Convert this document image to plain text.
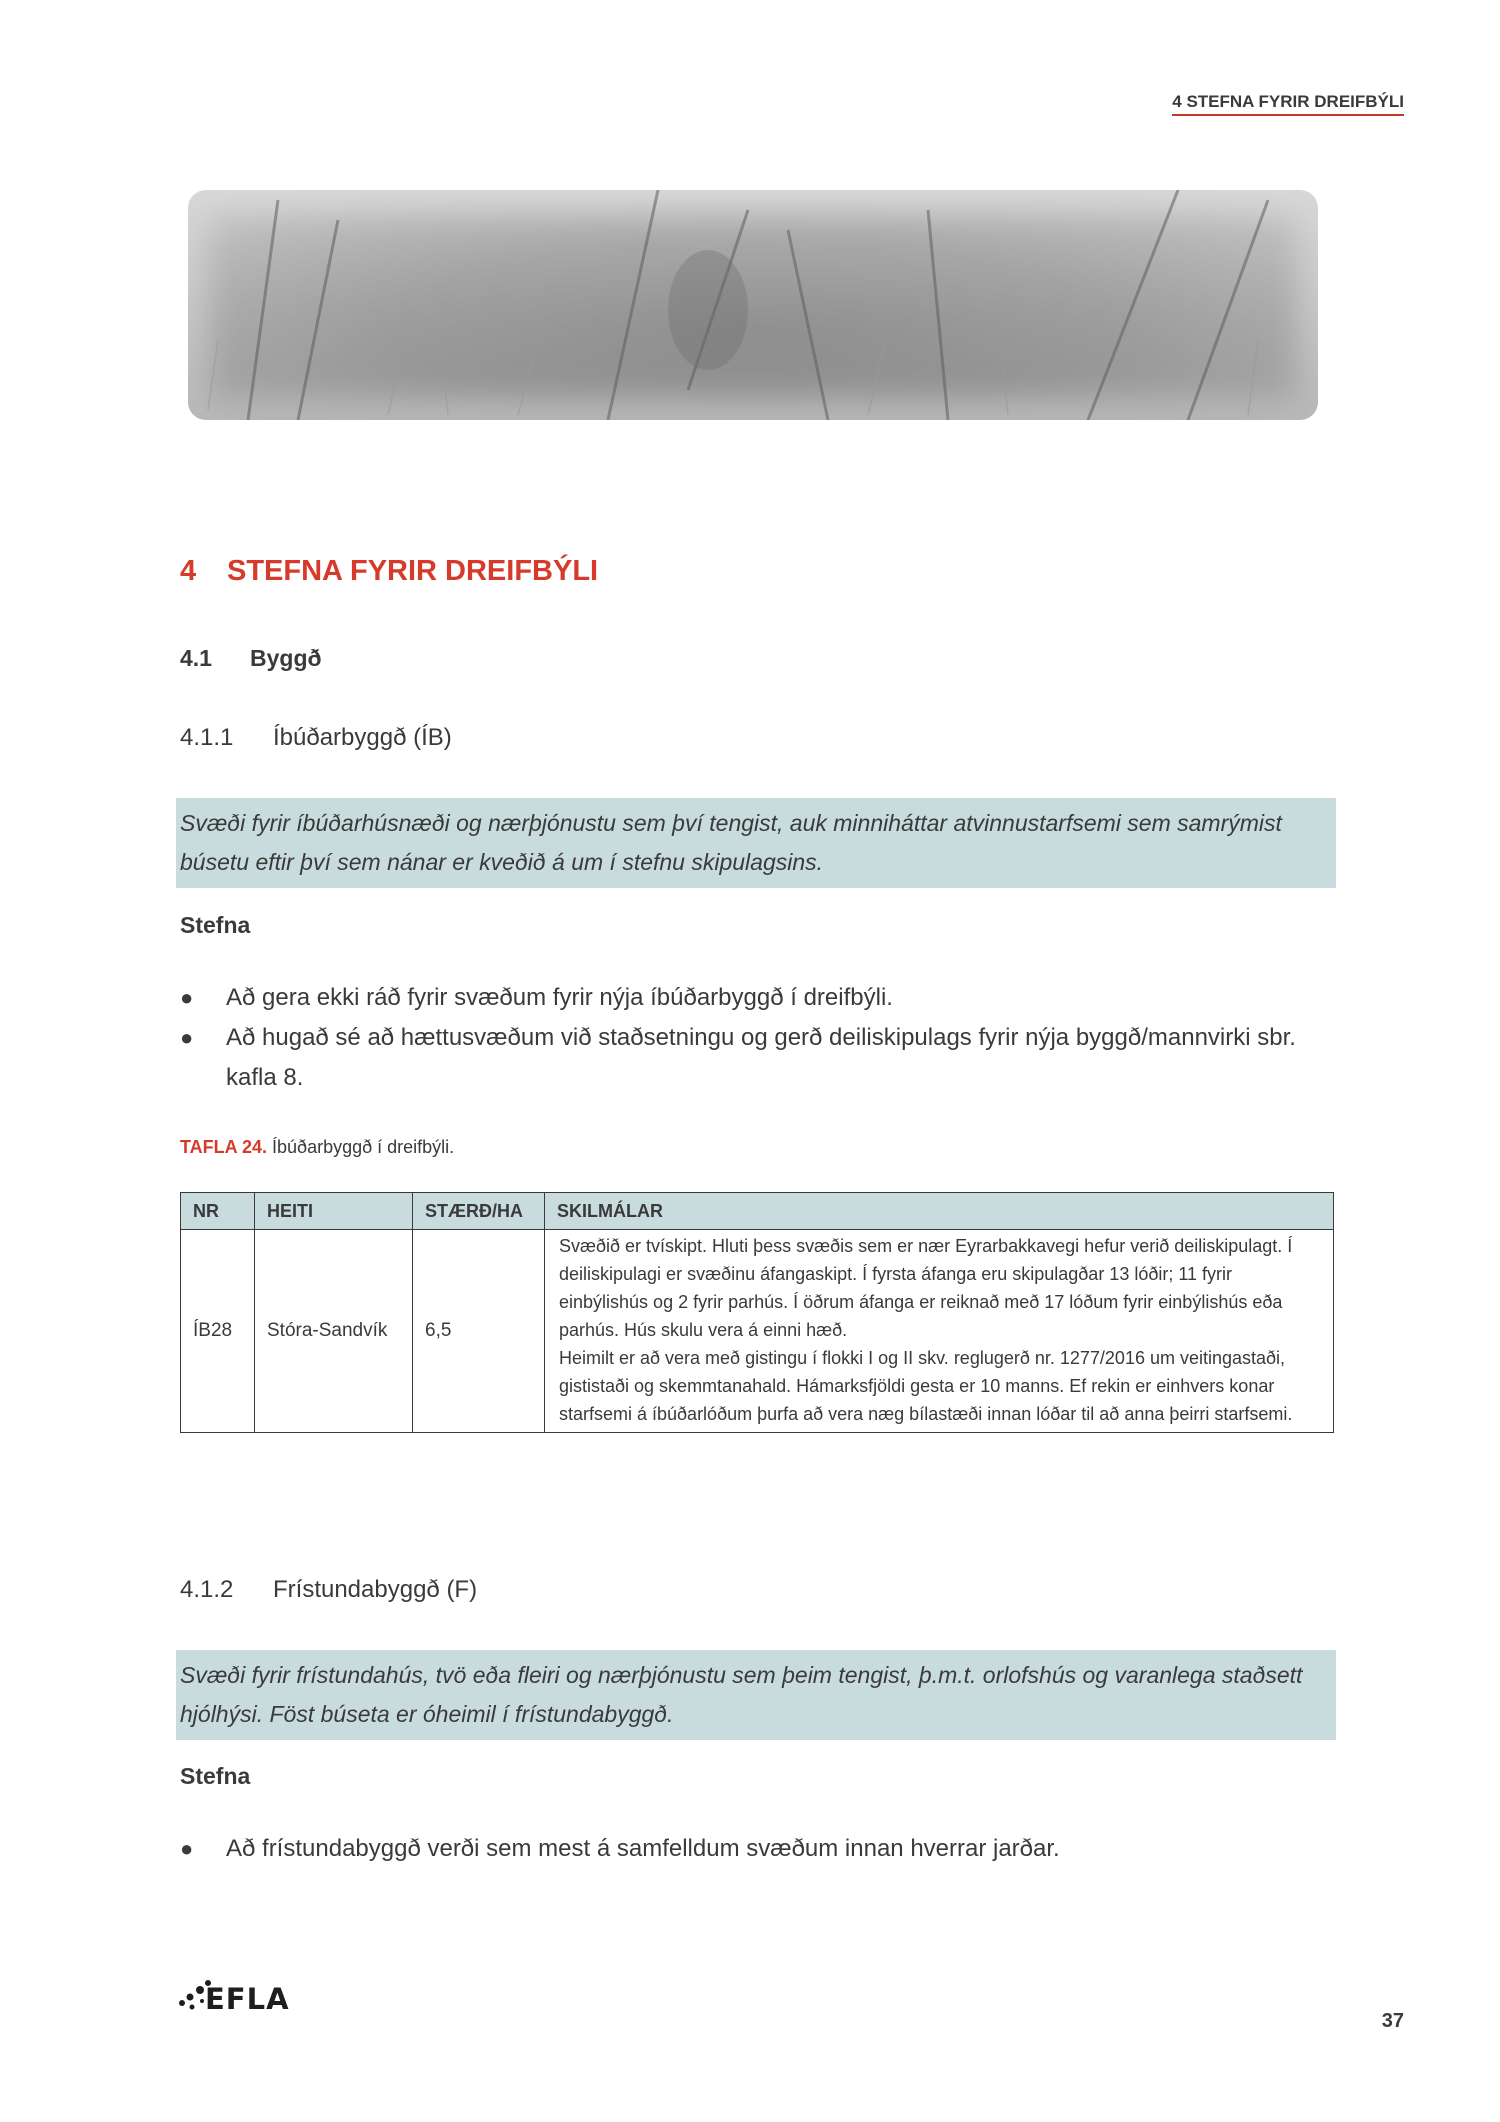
4 STEFNA FYRIR DREIFBÝLI
4 STEFNA FYRIR DREIFBÝLI
4.1 Byggð
4.1.1 Íbúðarbyggð (ÍB)
Svæði fyrir íbúðarhúsnæði og nærþjónustu sem því tengist, auk minniháttar atvinnustarfsemi sem samrýmist búsetu eftir því sem nánar er kveðið á um í stefnu skipulagsins.
Stefna
●	Að gera ekki ráð fyrir svæðum fyrir nýja íbúðarbyggð í dreifbýli.
●	Að hugað sé að hættusvæðum við staðsetningu og gerð deiliskipulags fyrir nýja byggð/mannvirki sbr. kafla 8.
TAFLA 24. Íbúðarbyggð í dreifbýli.
NR	HEITI	STÆRÐ/HA	SKILMÁLAR
ÍB28	Stóra-Sandvík	6,5	Svæðið er tvískipt. Hluti þess svæðis sem er nær Eyrarbakkavegi hefur verið deiliskipulagt. Í deiliskipulagi er svæðinu áfangaskipt. Í fyrsta áfanga eru skipulagðar 13 lóðir; 11 fyrir einbýlishús og 2 fyrir parhús. Í öðrum áfanga er reiknað með 17 lóðum fyrir einbýlishús eða parhús. Hús skulu vera á einni hæð.

Heimilt er að vera með gistingu í flokki I og II skv. reglugerð nr. 1277/2016 um veitingastaði, gististaði og skemmtanahald. Hámarksfjöldi gesta er 10 manns. Ef rekin er einhvers konar starfsemi á íbúðarlóðum þurfa að vera næg bílastæði innan lóðar til að anna þeirri starfsemi.

4.1.2 Frístundabyggð (F)
Svæði fyrir frístundahús, tvö eða fleiri og nærþjónustu sem þeim tengist, þ.m.t. orlofshús og varanlega staðsett hjólhýsi. Föst búseta er óheimil í frístundabyggð.
Stefna
●	Að frístundabyggð verði sem mest á samfelldum svæðum innan hverrar jarðar.
EFLA
37
